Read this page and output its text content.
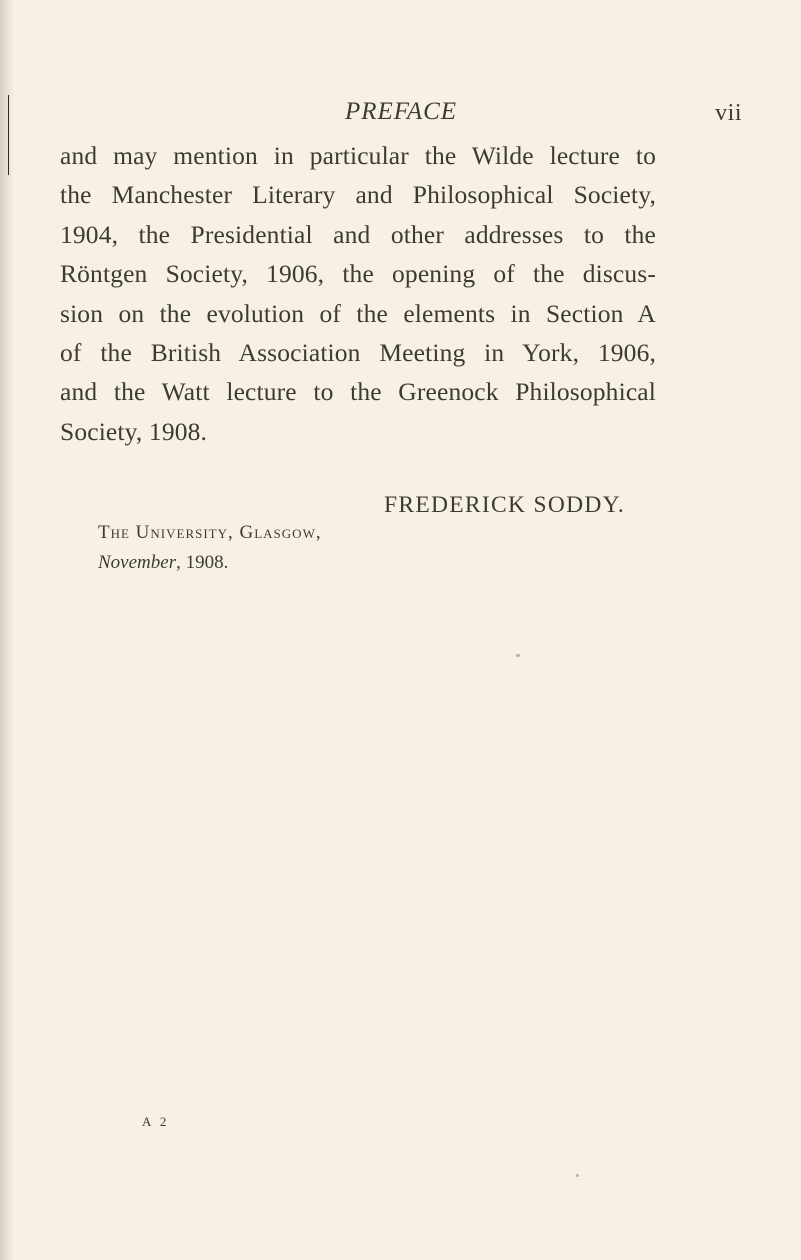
PREFACE	vii
and may mention in particular the Wilde lecture to
the Manchester Literary and Philosophical Society,
1904, the Presidential and other addresses to the
Röntgen Society, 1906, the opening of the discus-
sion on the evolution of the elements in Section A
of the British Association Meeting in York, 1906,
and the Watt lecture to the Greenock Philosophical
Society, 1908.
FREDERICK SODDY.
The University, Glasgow,
November, 1908.
A 2
